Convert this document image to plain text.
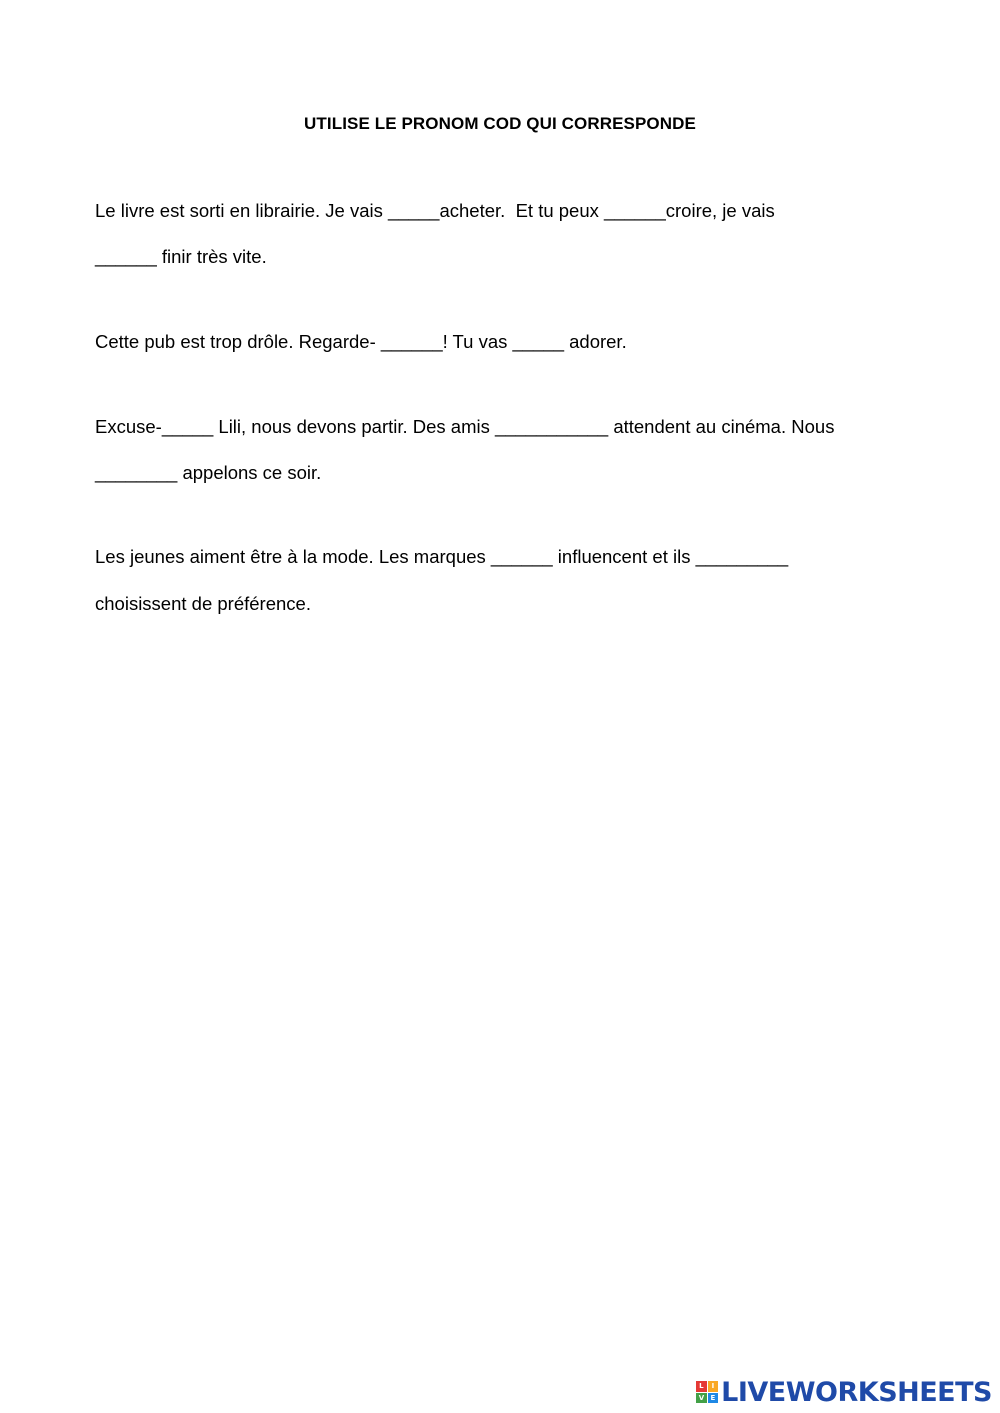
UTILISE LE PRONOM COD QUI CORRESPONDE
Le livre est sorti en librairie. Je vais _____acheter.  Et tu peux ______croire, je vais
______ finir très vite.
Cette pub est trop drôle. Regarde- ______! Tu vas _____ adorer.
Excuse-_____ Lili, nous devons partir. Des amis ___________ attendent au cinéma. Nous
________ appelons ce soir.
Les jeunes aiment être à la mode. Les marques ______ influencent et ils _________
choisissent de préférence.
L	I
V E LIVEWORKSHEETS
